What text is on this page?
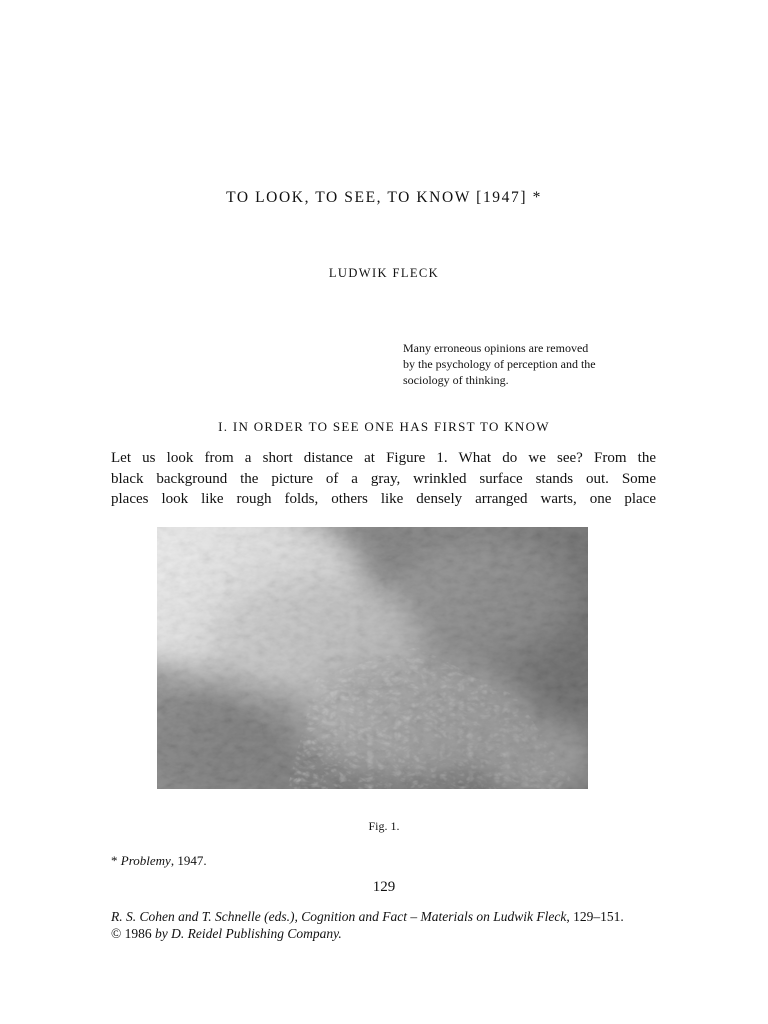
TO LOOK, TO SEE, TO KNOW [1947] *
LUDWIK FLECK
Many erroneous opinions are removed
by the psychology of perception and the
sociology of thinking.
I. IN ORDER TO SEE ONE HAS FIRST TO KNOW
Let us look from a short distance at Figure 1. What do we see? From the
black background the picture of a gray, wrinkled surface stands out. Some
places look like rough folds, others like densely arranged warts, one place
Fig. 1.
* Problemy, 1947.
129
R. S. Cohen and T. Schnelle (eds.), Cognition and Fact – Materials on Ludwik Fleck, 129–151.
© 1986 by D. Reidel Publishing Company.
